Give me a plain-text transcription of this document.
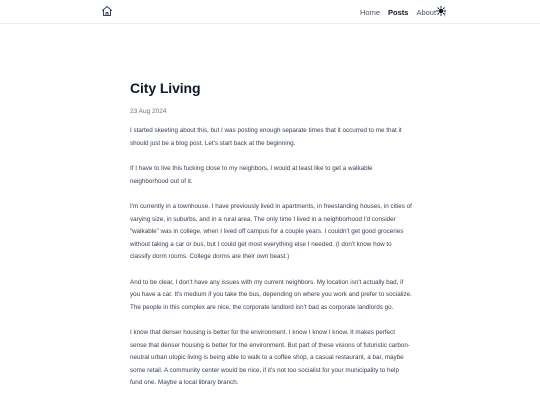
Home Posts About |
City Living
23 Aug 2024

I started skeeting about this, but I was posting enough separate times that it occurred to me that it should just be a blog post. Let's start back at the beginning.

If I have to live this fucking close to my neighbors, I would at least like to get a walkable neighborhood out of it.

I'm currently in a townhouse. I have previously lived in apartments, in freestanding houses, in cities of varying size, in suburbs, and in a rural area. The only time I lived in a neighborhood I'd consider “walkable” was in college, when I lived off campus for a couple years. I couldn't get good groceries without taking a car or bus, but I could get most everything else I needed. (I don't know how to classify dorm rooms. College dorms are their own beast.)

And to be clear, I don't have any issues with my current neighbors. My location isn't actually bad, if you have a car. It's medium if you take the bus, depending on where you work and prefer to socialize. The people in this complex are nice, the corporate landlord isn't bad as corporate landlords go.

I know that denser housing is better for the environment. I know I know I know. It makes perfect sense that denser housing is better for the environment. But part of these visions of futuristic carbon-neutral urban utopic living is being able to walk to a coffee shop, a casual restaurant, a bar, maybe some retail. A community center would be nice, if it's not too socialist for your municipality to help fund one. Maybe a local library branch.
